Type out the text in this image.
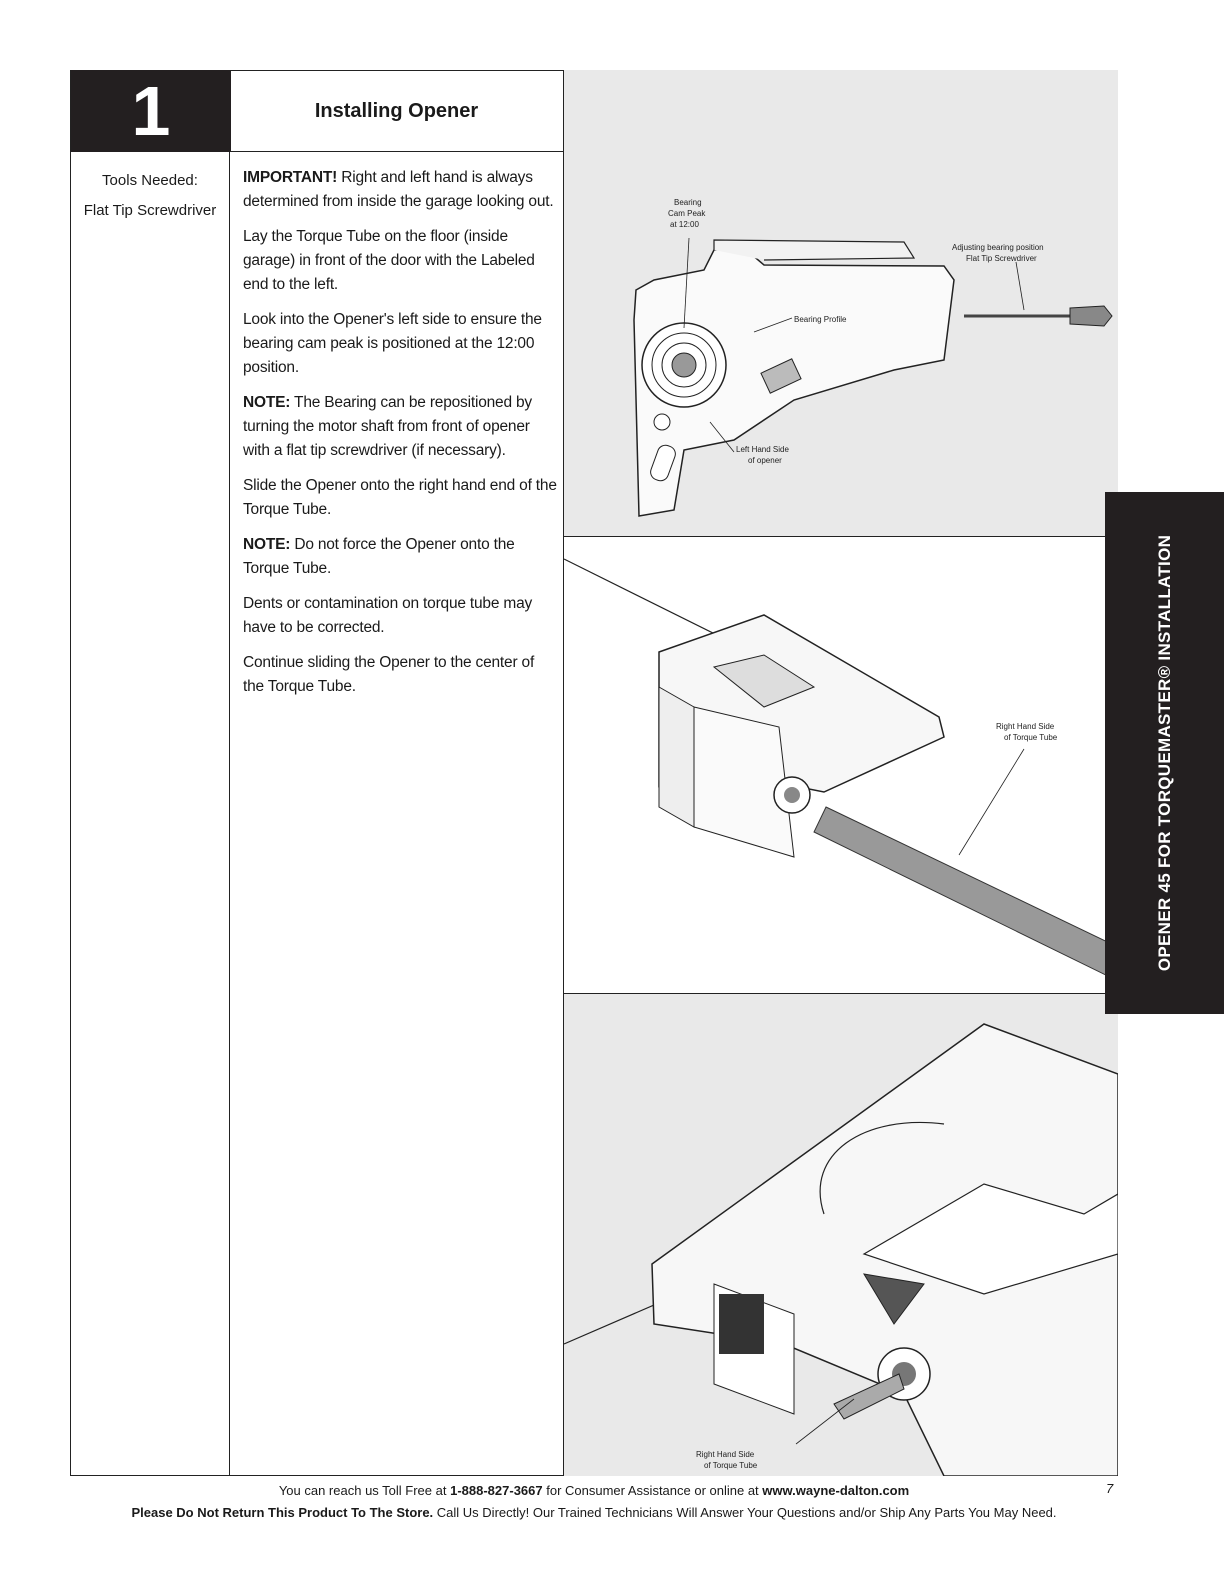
1
Tools Needed:
Flat Tip Screwdriver
Installing Opener

IMPORTANT! Right and left hand is always determined from inside the garage looking out.

Lay the Torque Tube on the floor (inside garage) in front of the door with the Labeled end to the left.

Look into the Opener's left side to ensure the bearing cam peak is positioned at the 12:00 position.

NOTE: The Bearing can be repositioned by turning the motor shaft from front of opener with a flat tip screwdriver (if necessary).

Slide the Opener onto the right hand end of the Torque Tube.

NOTE: Do not force the Opener onto the Torque Tube.

Dents or contamination on torque tube may have to be corrected.

Continue sliding the Opener to the center of the Torque Tube.

Bearing
Cam Peak
at 12:00
Adjusting bearing position
Flat Tip Screwdriver
Bearing Profile
Left Hand Side
of opener
Right Hand Side
of Torque Tube
Right Hand Side
of Torque Tube
OPENER 45 FOR TORQUEMASTER® INSTALLATION
You can reach us Toll Free at 1-888-827-3667 for Consumer Assistance or online at www.wayne-dalton.com
Please Do Not Return This Product To The Store. Call Us Directly! Our Trained Technicians Will Answer Your Questions and/or Ship Any Parts You May Need.
7
